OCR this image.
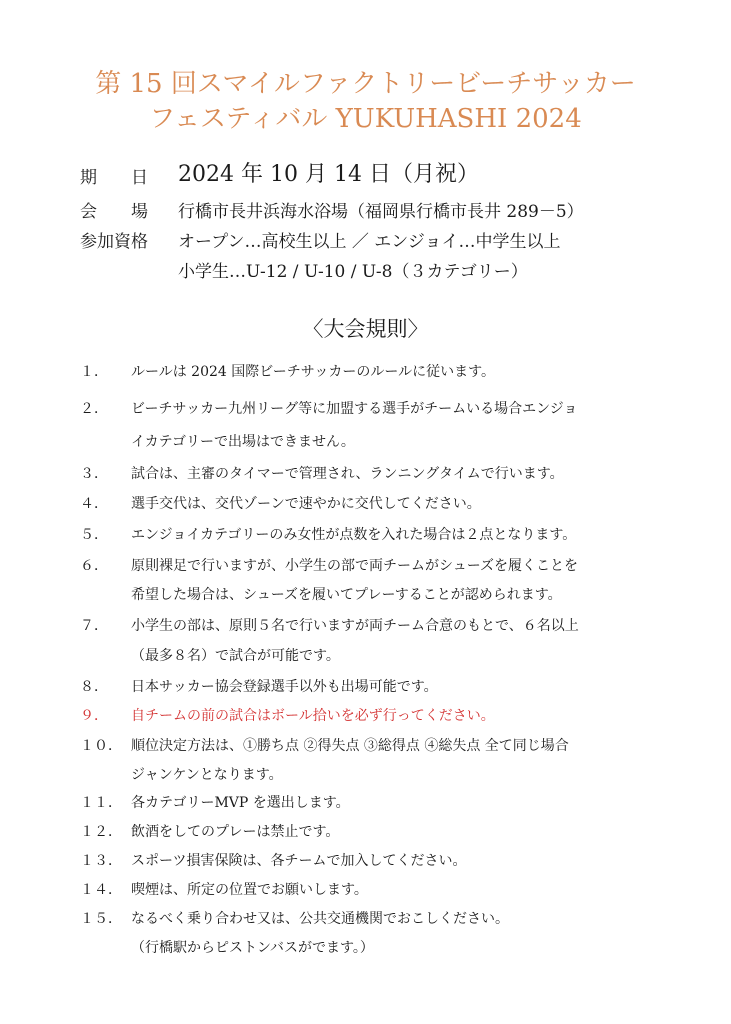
第 15 回スマイルファクトリービーチサッカー
フェスティバル YUKUHASHI 2024
期　　日 2024 年 10 月 14 日（月祝）
会　　場 行橋市長井浜海水浴場（福岡県行橋市長井 289－5）
参加資格 オープン…高校生以上 ／ エンジョイ…中学生以上
小学生…U-12 / U-10 / U-8（３カテゴリー）
〈大会規則〉
１． ルールは 2024 国際ビーチサッカーのルールに従います。
２． ビーチサッカー九州リーグ等に加盟する選手がチームいる場合エンジョ
イカテゴリーで出場はできません。
３． 試合は、主審のタイマーで管理され、ランニングタイムで行います。
４． 選手交代は、交代ゾーンで速やかに交代してください。
５． エンジョイカテゴリーのみ女性が点数を入れた場合は２点となります。
６． 原則裸足で行いますが、小学生の部で両チームがシューズを履くことを
希望した場合は、シューズを履いてプレーすることが認められます。
７． 小学生の部は、原則５名で行いますが両チーム合意のもとで、６名以上
（最多８名）で試合が可能です。
８． 日本サッカー協会登録選手以外も出場可能です。
９． 自チームの前の試合はボール拾いを必ず行ってください。
１０． 順位決定方法は、①勝ち点 ②得失点 ③総得点 ④総失点 全て同じ場合
ジャンケンとなります。
１１． 各カテゴリーMVP を選出します。
１２． 飲酒をしてのプレーは禁止です。
１３． スポーツ損害保険は、各チームで加入してください。
１４． 喫煙は、所定の位置でお願いします。
１５． なるべく乗り合わせ又は、公共交通機関でおこしください。
（行橋駅からピストンバスがでます。）
